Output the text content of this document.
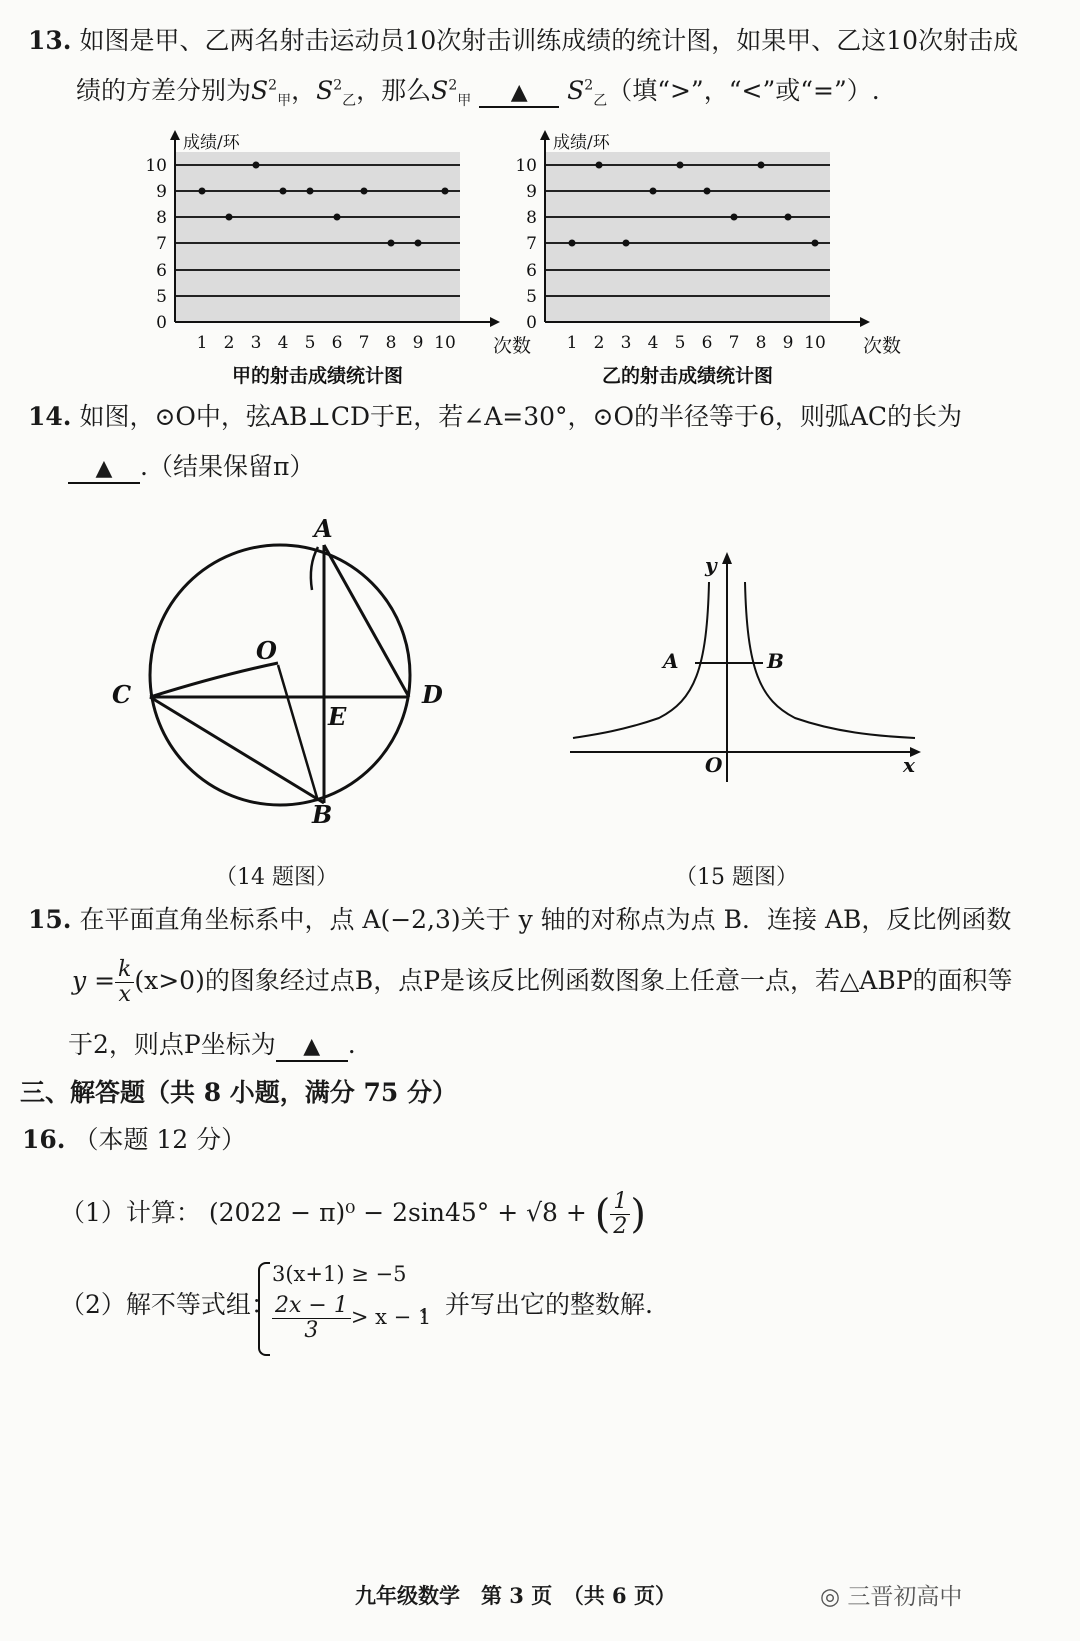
13. 如图是甲、乙两名射击运动员10次射击训练成绩的统计图，如果甲、乙这10次射击成
绩的方差分别为$S^2_甲$，$S^2_乙$，那么$S^2_甲$ ▲ $S^2_乙$（填“>”，“<”或“=”）.
成绩/环
0
5
6
7
8
9
10
1 2 3 4 5 6 7 8 9 10 次数
甲的射击成绩统计图
成绩/环
0
5
6
7
8
9
10
1 2 3 4 5 6 7 8 9 10 次数
乙的射击成绩统计图
14. 如图，⊙O中，弦AB⊥CD于E，若∠A=30°，⊙O的半径等于6，则弧AC的长为
▲ .（结果保留π）
A
B
C	D
E
O	A	B
O	x
y
（14 题图）	（15 题图）
15. 在平面直角坐标系中，点 A(−2,3)关于 y 轴的对称点为点 B．连接 AB，反比例函数
$y = \frac{k}{x} (x>0)$的图象经过点B，点P是该反比例函数图象上任意一点，若△ABP的面积等
于2，则点P坐标为 ▲ .
三、解答题（共 8 小题，满分 75 分）
16. （本题 12 分）
（1）计算： (2022 − π)⁰ − 2sin45° + √8 + ( $\frac{1}{2}$ )
（2）解不等式组：
3(x+1) ≥ −5
$\frac{2x - 1}{3} > x - 1$
，并写出它的整数解.
九年级数学　第 3 页　（共 6 页）	◎ 三晋初高中
